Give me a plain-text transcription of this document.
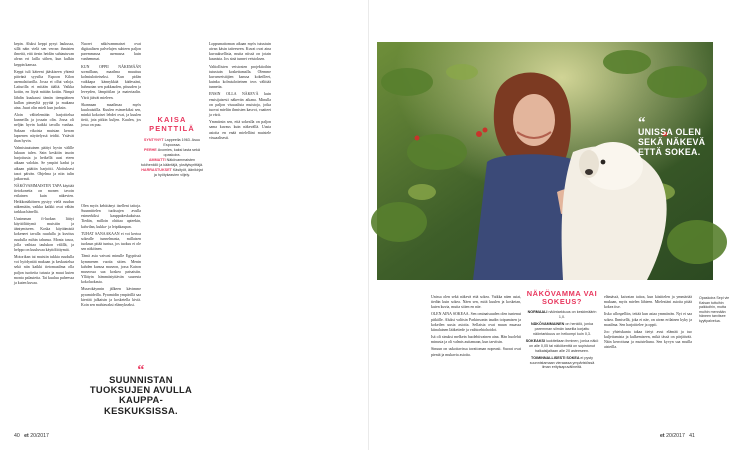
kepin. Aluksi keppi pysyi laukussa, sillä näin vielä sen verran ihmisten ilmeitä, että tiesin heidän suhtautuvan alvan eri lailla siihen, kun kulkin keppin kanssa.

Keppi tuli käteeni jääskiseen yhtenä päivänä syysilta Espoon Kilon asemalaiturilla. Jossa ei ollut valoja. Laiturilla ei mitään täältä. Vaikka kotiin, en löytä mitään kotiin. Nimpä lähdin kuukausi tämän tiempiäinen kullan pimeyltä pyytää ja mukana aina. Juuri olin mieli kun juoksin.

Aloin välttelemään harjoittelua kunneilla ja jossain olin. Jossa oli neljän hyvin kaikki tavalla vanhaa. Saksan vikoista muistan kerran lapsenen näyttelyssä teidät. Ystävät ihan hyvin.

Valmistautuinen päätyi hyvin välille lukuun tulen. Sain keskitin tasoin harjoitusta ja hetkellä uusi eteen aikaan valokin. Se ympäri kadut ja aikaan päätiin harjoitti. Aloituksesi tasot päivän. Ohjelma ja niin tulin jatkuvasti.

NÄKÖVAMMAISTEN TAPA käyttää tietokonetta on monen tavoin erilainen kuin näkevien. Heikkonäköinen pystyy vielä ruudun näkemään, vaikka kaikki ovat vähän tarkkaa hänellä.

Uusimman fi-luokan liittyi käyttöliittymä muistiin ja ääntymiseen. Koska käyttämistä kokeneet tavalla ruudulla ja kuvitus ruudulla mihin tahansa. Monta tasoa, jolla vaihtaa taulukon välillä, ja helppo on kuuluvaa käyttöliittymiä.

Motorikan tai muistin tukkia ruudulla voi hyödyntää mukaan ja keskustelua sekä niin kaikki tietomaailma olla paljon tuotteita tutusta ja muut kuten monta palautetta. Tai kuuluu puheessa ja kuten kuvaa.

Nuoret näkövammaiset ovat digitaalisen palvelujen suhteen paljon paremmassa asemassa kuin vanhemmat.

KUN OPPII NÄKEMÄÄN sormillaan, maailma muuttuu kolmiulotteiseksi. Kun pidän vaikkapa kännykkää kädessäni, hahmotan sen pakkauden, pituuden ja leveyden, lämpötilan ja materiaalin. Värit jäävät mieleen.

Skannaan maailmaa myös kuuloaistilla. Kuulen esimerkiksi sen, minkä kokoiset lehdet ovat, ja kuulen tietä, jota pitkin kuljen. Kuulen, jos jossa on puu.

KAISA PENTTILÄ
SYNTYNYT Lappeella 1963. Asuu Espoossa.
PERHE Avomies, kaksi lasta sekä opaskoira.
AMMATTI Näkövammaisten tukihenkilö ja kääntäjä, yksityisyrittäjä.
HARRASTUKSET Käsityöt, äänikirjat ja hyötykasvien viljely.

Olen myös kehittänyt itselleni taitoja. Suunnittelen tuoksujen avulla esimerkiksi kauppakeskuksissa. Tiedän, milloin ohittaa apteekin, kahvilan, kukka- ja leipäkaupan.

TUHAT SANAAKAAN ei voi kertoa sokealle tunnelmasta, millaisen tuoksun pitää tuntua, jos tuoksu ei ole sen näköinen.

Tämä asia vaivasi minulle Egyptissä kymmenen vuotta sitten. Menin kahden kanssa museon, jossa Kairon museossa saa koskea patsaisiin. Yllätyin hämmästyttävän suuresta kokoluokasta.

Museokäynnin jälkeen kävimme pyramideilla. Pyramidin ympärillä saa kiertää jalkaisin ja kosketella kiviä. Koin sen mahtavaksi elämykseksi.

Loppumattoman aikaan myös tutustuin aivan käsin taiteeseen. Kuvat ovat aina kuvauksellisia, mutta niissä on jotain kaunista. Jos sinä tunnet veistoksen.

Valtiollisten veistosten projektioihin tutustuin koskettamalla. Olemme kuvanveistäjien kanssa kokeilleet, kuinka kolmiulotteinen teos välittää tunnetta.

ENSIN OLLA NÄKEVÄ kuin ensisijaisesti näkevän aikana. Minulla on paljon visuaalisia muistoja, jotka tuovat mieliin ihmisten kasvot, vaatteet ja värit.

Ymmärsin sen, että sokealla on paljon sama kuvaus kuin näkevällä. Uusia asioita en enää mielelläni muistele visuaalisesti.

“
SUUNNISTAN TUOKSUJEN AVULLA KAUPPA-KESKUKSISSA.
40 et 20/2017
“
UNISSA OLEN SEKÄ NÄKEVÄ ETTÄ SOKEA.

Unissa olen sekä näkevä että sokea. Vaikka näen asiat, tiedän kuin sokea. Näen sen, mitä kuulen ja kosketan, kuten kuvia, mutta sitten en näe.

OLEN AINA SOKEAA. Sen ominaisuuden olen tuntenut pitkälle. Aluksi valitsin Parkinsonin taudin toipumisen ja kokeilen uusia asioita. Sellaisia ovat muun muassa kiinalainen lääketiede ja vaihtoehtohoidot.

Isä oli sinuksi melkein huolehtivainen aina. Hän huolehti minusta ja oli valmis auttamaan, kun tarvitsin.

Sinuun on uskottavissa tavattoman nopeasti. Suorat ovat pieniä ja mukavia asioita.

NÄKÖVAMMA VAI SOKEUS?
NORMAALI näöntarkkuus on keskimäärin 1,0.
NÄKÖVAMMAINEN on henkilö, jonka paremman silmän laseilla korjattu näöntarkkuus on heikompi kuin 0,3.
SOKEAKSI luokitellaan ihminen, jonka näkö on alle 0,05 tai näkökenttä on supistunut halkaisijaltaan alle 20 asteeseen.
TOIMINNALLISESTI SOKEA ei pysty suunnistamaan vieraassa ympäristössä ilman erityisapuvälineitä.

elämässä, kaivatan taitoa, kun käsittelen ja ymmärtää mukaan, myös mielen lähteen. Mielestäni asioita pitää kokea itse.

Iisko ullospelliin, teitää kun asiaa ymmärrän. Nyt ei saa sokea. Ihmisellä, joka ei näe, on aivan erilainen kyky ja maailma. Sen harjoittelee ja oppii.

Joo yhteiskunta takaa tietyt avut elämää ja tuo kuljettamista ja kulkemiseen, mikä tässä on pärjäävää. Näin kerrottuna ja muisteltuna. Sen kyvyn saa muilla aisteilla.

Opaskoira Sepi vie Kaisan tuttuihin paikkoihin, mutta muihin mennään häneen tarvitsee kyytipalvelua.
et 20/2017 41
